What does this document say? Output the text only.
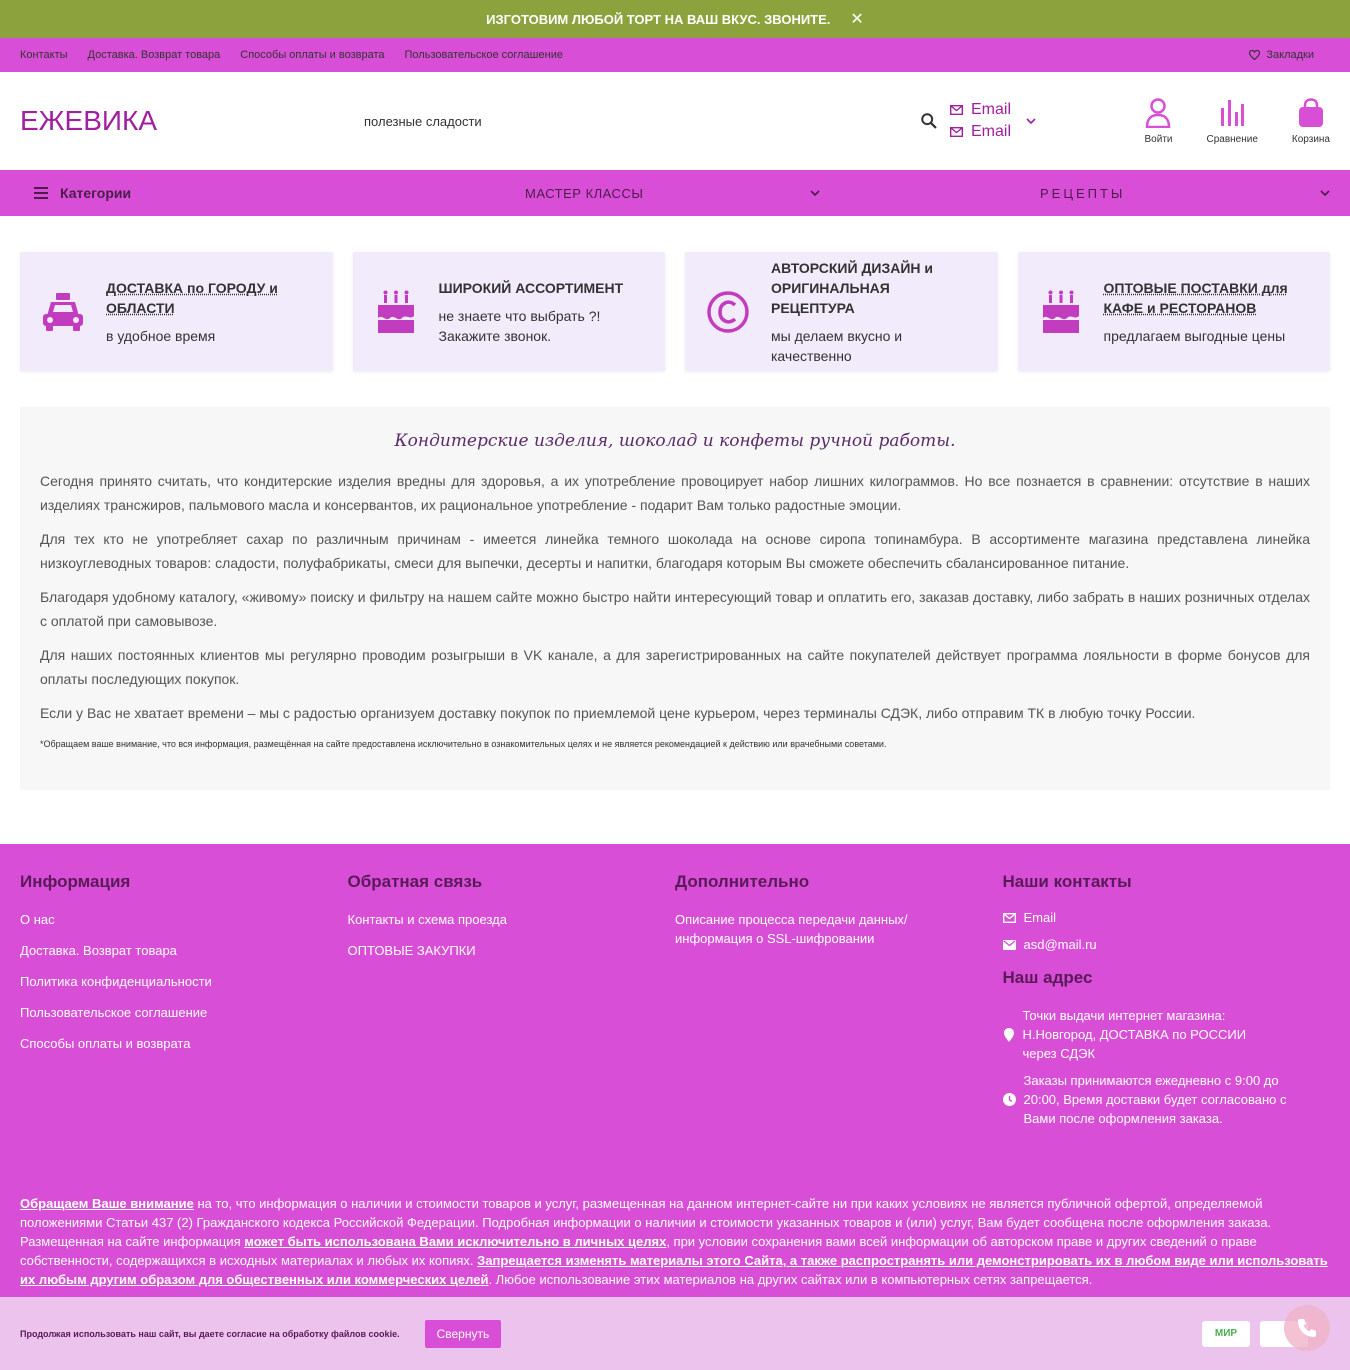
ИЗГОТОВИМ ЛЮБОЙ ТОРТ НА ВАШ ВКУС. ЗВОНИТЕ. ✕
Контакты Доставка. Возврат товара Способы оплаты и возврата Пользовательское соглашение	Закладки
ЕЖЕВИКА
полезные сладости	Email
Email	Войти	Сравнение	Корзина
Категории	МАСТЕР КЛАССЫ	РЕЦЕПТЫ
ДОСТАВКА по ГОРОДУ и ОБЛАСТИ
в удобное время
ШИРОКИЙ АССОРТИМЕНТ
не знаете что выбрать ?! Закажите звонок.
АВТОРСКИЙ ДИЗАЙН и ОРИГИНАЛЬНАЯ РЕЦЕПТУРА
мы делаем вкусно и качественно
ОПТОВЫЕ ПОСТАВКИ для КАФЕ и РЕСТОРАНОВ
предлагаем выгодные цены
Кондитерские изделия, шоколад и конфеты ручной работы.

Сегодня принято считать, что кондитерские изделия вредны для здоровья, а их употребление провоцирует набор лишних килограммов. Но все познается в сравнении: отсутствие в наших изделиях трансжиров, пальмового масла и консервантов, их рациональное употребление - подарит Вам только радостные эмоции.

Для тех кто не употребляет сахар по различным причинам - имеется линейка темного шоколада на основе сиропа топинамбура. В ассортименте магазина представлена линейка низкоуглеводных товаров: сладости, полуфабрикаты, смеси для выпечки, десерты и напитки, благодаря которым Вы сможете обеспечить сбалансированное питание.

Благодаря удобному каталогу, «живому» поиску и фильтру на нашем сайте можно быстро найти интересующий товар и оплатить его, заказав доставку, либо забрать в наших розничных отделах с оплатой при самовывозе.

Для наших постоянных клиентов мы регулярно проводим розыгрыши в VK канале, а для зарегистрированных на сайте покупателей действует программа лояльности в форме бонусов для оплаты последующих покупок.

Если у Вас не хватает времени – мы с радостью организуем доставку покупок по приемлемой цене курьером, через терминалы СДЭК, либо отправим ТК в любую точку России.

*Обращаем ваше внимание, что вся информация, размещённая на сайте предоставлена исключительно в ознакомительных целях и не является рекомендацией к действию или врачебными советами.
Информация
О нас
Доставка. Возврат товара
Политика конфиденциальности
Пользовательское соглашение
Способы оплаты и возврата
Обратная связь
Контакты и схема проезда
ОПТОВЫЕ ЗАКУПКИ
Дополнительно
Описание процесса передачи данных/ информация о SSL-шифровании
Наши контакты
Email
asd@mail.ru
Наш адрес
Точки выдачи интернет магазина: Н.Новгород, ДОСТАВКА по РОССИИ через СДЭК
Заказы принимаются ежедневно с 9:00 до 20:00, Время доставки будет согласовано с Вами после оформления заказа.
Обращаем Ваше внимание на то, что информация о наличии и стоимости товаров и услуг, размещенная на данном интернет-сайте ни при каких условиях не является публичной офертой, определяемой положениями Статьи 437 (2) Гражданского кодекса Российской Федерации. Подробная информации о наличии и стоимости указанных товаров и (или) услуг, Вам будет сообщена после оформления заказа. Размещенная на сайте информация может быть использована Вами исключительно в личных целях, при условии сохранения вами всей информации об авторском праве и других сведений о праве собственности, содержащихся в исходных материалах и любых их копиях. Запрещается изменять материалы этого Сайта, а также распространять или демонстрировать их в любом виде или использовать их любым другим образом для общественных или коммерческих целей. Любое использование этих материалов на других сайтах или в компьютерных сетях запрещается.
Продолжая использовать наш сайт, вы даете согласие на обработку файлов cookie.	Свернуть	МИР
